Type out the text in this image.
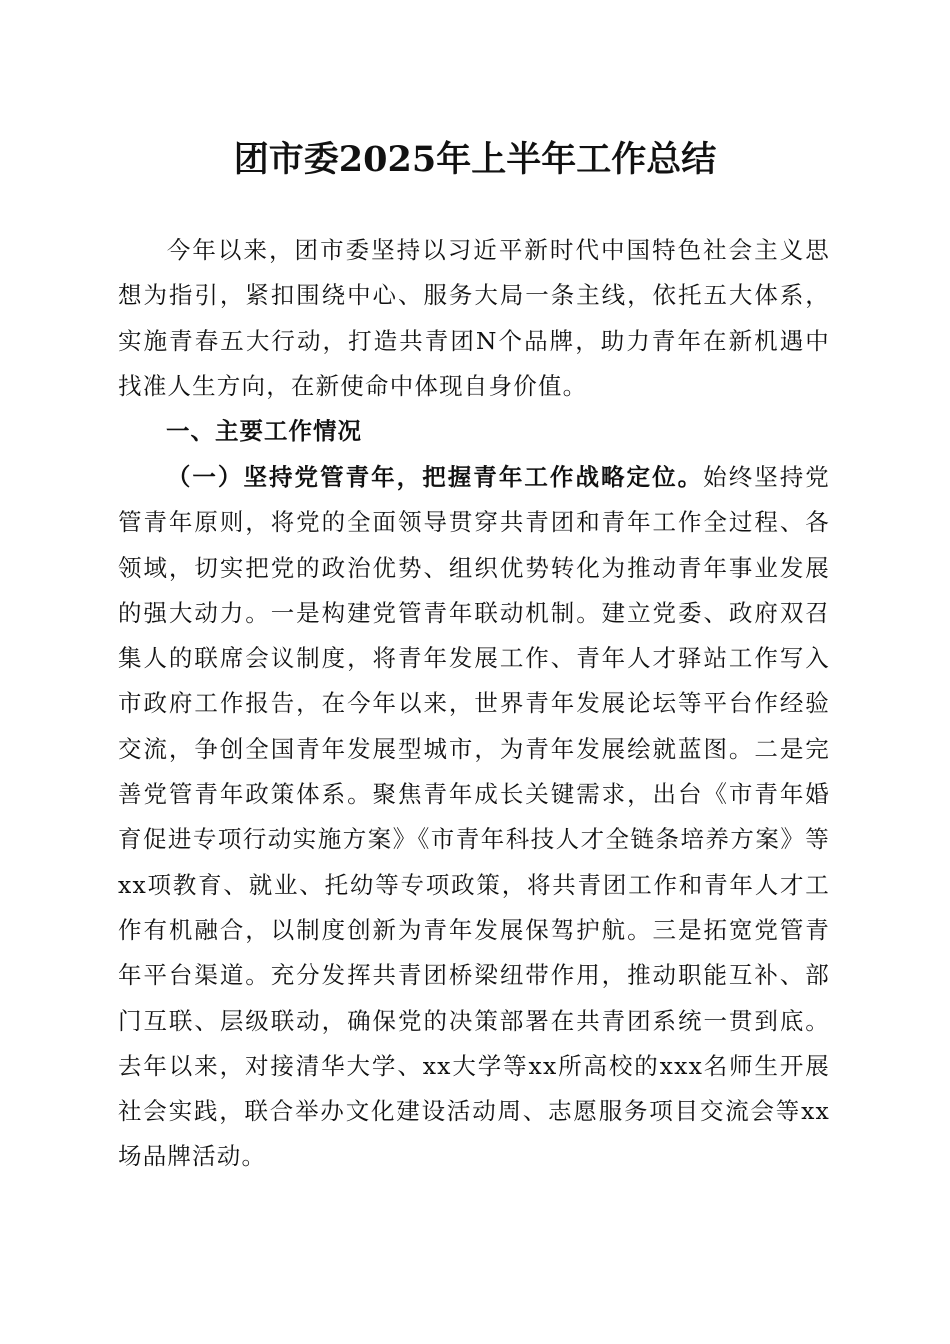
团市委2025年上半年工作总结
今年以来，团市委坚持以习近平新时代中国特色社会主义思想为指引，紧扣围绕中心、服务大局一条主线，依托五大体系，实施青春五大行动，打造共青团N个品牌，助力青年在新机遇中找准人生方向，在新使命中体现自身价值。
一、主要工作情况
（一）坚持党管青年，把握青年工作战略定位。始终坚持党管青年原则，将党的全面领导贯穿共青团和青年工作全过程、各领域，切实把党的政治优势、组织优势转化为推动青年事业发展的强大动力。一是构建党管青年联动机制。建立党委、政府双召集人的联席会议制度，将青年发展工作、青年人才驿站工作写入市政府工作报告，在今年以来，世界青年发展论坛等平台作经验交流，争创全国青年发展型城市，为青年发展绘就蓝图。二是完善党管青年政策体系。聚焦青年成长关键需求，出台《市青年婚育促进专项行动实施方案》《市青年科技人才全链条培养方案》等xx项教育、就业、托幼等专项政策，将共青团工作和青年人才工作有机融合，以制度创新为青年发展保驾护航。三是拓宽党管青年平台渠道。充分发挥共青团桥梁纽带作用，推动职能互补、部门互联、层级联动，确保党的决策部署在共青团系统一贯到底。去年以来，对接清华大学、xx大学等xx所高校的xxx名师生开展社会实践，联合举办文化建设活动周、志愿服务项目交流会等xx场品牌活动。
